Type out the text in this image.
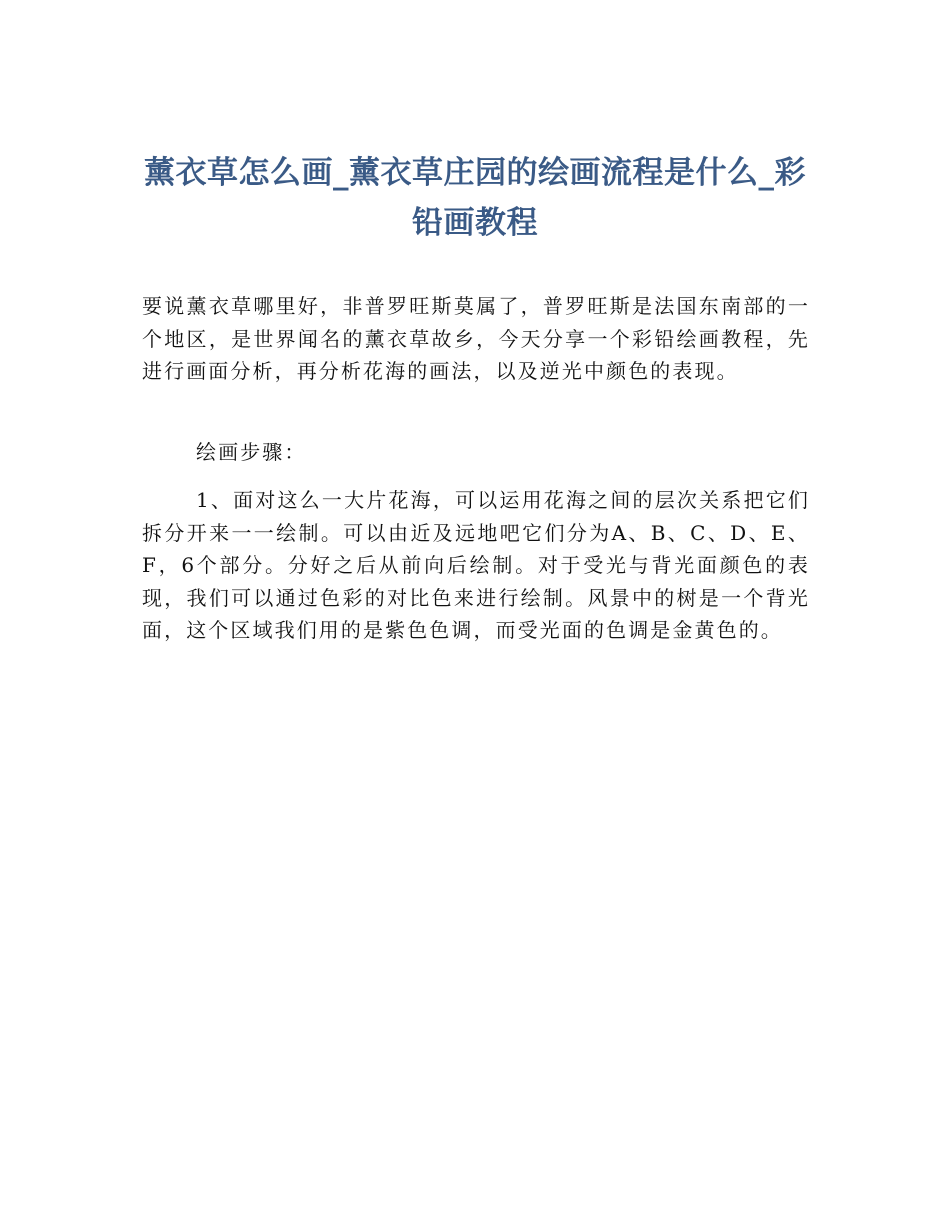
薰衣草怎么画_薰衣草庄园的绘画流程是什么_彩铅画教程

要说薰衣草哪里好，非普罗旺斯莫属了，普罗旺斯是法国东南部的一个地区，是世界闻名的薰衣草故乡，今天分享一个彩铅绘画教程，先进行画面分析，再分析花海的画法，以及逆光中颜色的表现。

绘画步骤：

1、面对这么一大片花海，可以运用花海之间的层次关系把它们拆分开来一一绘制。可以由近及远地吧它们分为A、B、C、D、E、F，6个部分。分好之后从前向后绘制。对于受光与背光面颜色的表现，我们可以通过色彩的对比色来进行绘制。风景中的树是一个背光面，这个区域我们用的是紫色色调，而受光面的色调是金黄色的。
